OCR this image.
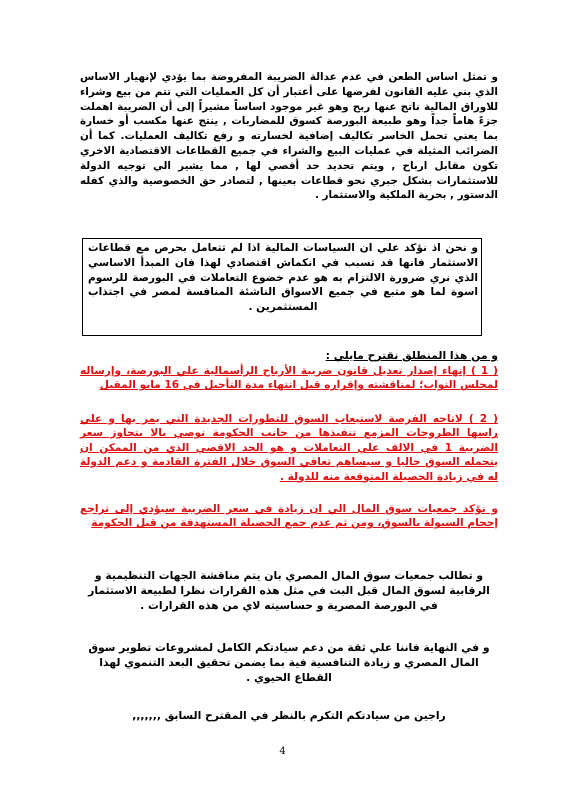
و تمثل اساس الطعن في عدم عدالة الضريبة المفروضة بما يؤدي لإنهيار الاساس الذي بني عليه القانون لفرضها على أعتبار أن كل العمليات التي تتم من بيع وشراء للاوراق المالية ناتج عنها ربح وهو غير موجود اساساً مشيراً إلى أن الضريبة اهملت جزءً هاماً جداً وهو طبيعة البورصة كسوق للمضاربات , ينتج عنها مكسب أو خسارة بما يعني تحمل الخاسر تكاليف إضافية لخسارته و رفع تكاليف العمليات. كما أن الضرائب المثيلة في عمليات البيع والشراء في جميع القطاعات الاقتصادية الاخري تكون مقابل ارباح , ويتم تحديد حد أقصي لها , مما يشير الي توجيه الدولة للاستثمارات بشكل جبري نحو قطاعات بعينها , لتصادر حق الخصوصية والذي كفله الدستور , بحرية الملكية والاستثمار .
و نحن اذ نؤكد علي ان السياسات المالية اذا لم تتعامل بحرص مع قطاعات الاستثمار فانها قد تسبب في انكماش اقتصادي لهذا فان المبدأ الاساسي الذي نري ضرورة الالتزام به هو عدم خضوع التعاملات في البورصة للرسوم اسوة لما هو متبع في جميع الاسواق الناشئة المنافسة لمصر في اجتذاب المستثمرين .
و من هذا المنطلق نقترح مايلي :
( 1 ) إنهاء إصدار تعديل قانون ضريبة الأرباح الرأسمالية علي البورصة، وإرساله لمجلس النواب؛ لمناقشته وإقراره قبل انتهاء مدة التأجيل في 16 مايو المقبل
( 2 ) لاتاحه الفرصة لاستيعاب السوق للتطورات الجديدة التي يمر بها و علي راسها الطروحات المزمع تنفيذها من جانب الحكومة نوصي بالا يتجاوز سعر الضريبة 1 في الالف علي التعاملات و هو الحد الاقصي الذي من الممكن ان يتحمله السوق حاليا و سيساهم تعافي السوق خلال الفترة القادمة و دعم الدولة له في زيادة الحصيلة المتوقعة منه للدولة .
و نؤكد جمعيات سوق المال الي ان زيادة في سعر الضريبة سيؤدي إلى تراجع إحجام السيولة بالسوق، ومن ثم عدم جمع الحصيلة المستهدفة من قبل الحكومة
و تطالب جمعيات سوق المال المصري بان يتم مناقشة الجهات التنظيمية و الرقابية لسوق المال قبل البت في مثل هذه القرارات نظرا لطبيعة الاستثمار في البورصة المصرية و حساسيته لاي من هذه القرارات .
و في النهاية فاننا علي ثقة من دعم سيادتكم الكامل لمشروعات تطوير سوق المال المصري و زيادة التنافسية فية بما يضمن تحقيق البعد التنموي لهذا القطاع الحيوي .
راجين من سيادتكم التكرم بالنظر في المقترح السابق ,,,,,,,
4
